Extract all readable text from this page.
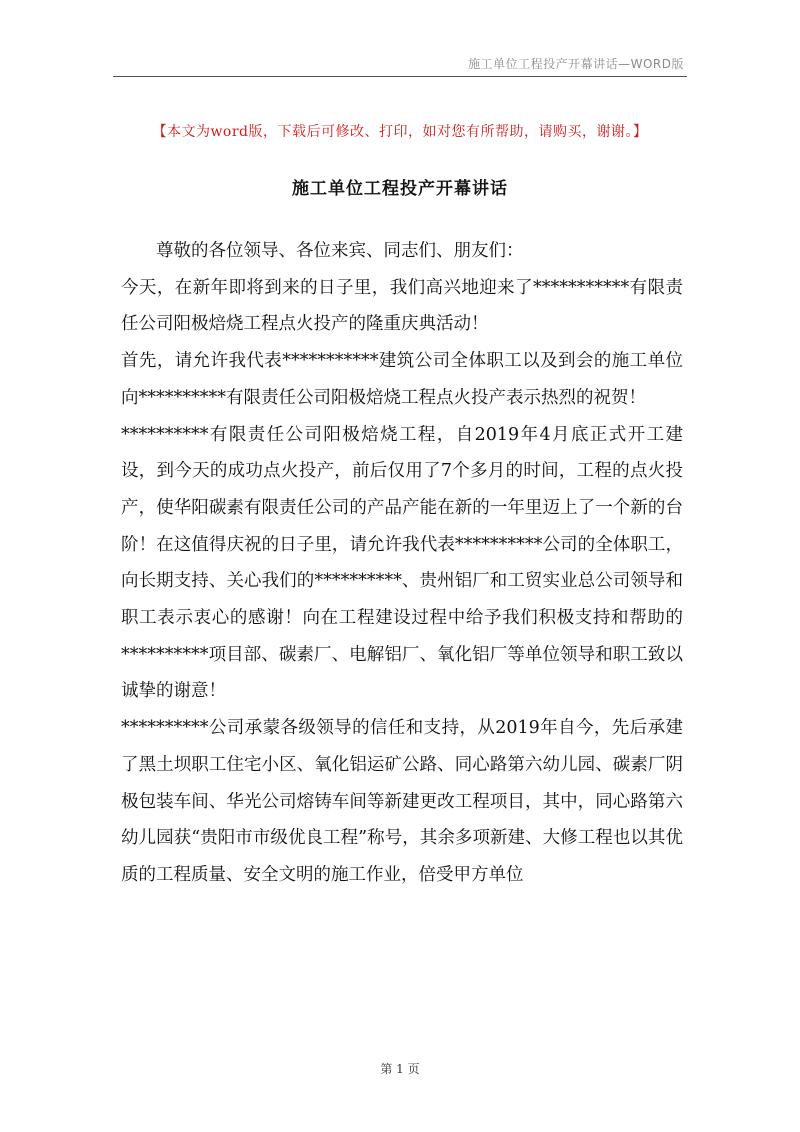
施工单位工程投产开幕讲话—WORD版
【本文为word版，下载后可修改、打印，如对您有所帮助，请购买，谢谢。】
施工单位工程投产开幕讲话

尊敬的各位领导、各位来宾、同志们、朋友们：

今天，在新年即将到来的日子里，我们高兴地迎来了***********有限责任公司阳极焙烧工程点火投产的隆重庆典活动！

首先，请允许我代表***********建筑公司全体职工以及到会的施工单位向**********有限责任公司阳极焙烧工程点火投产表示热烈的祝贺！

**********有限责任公司阳极焙烧工程，自2019年4月底正式开工建设，到今天的成功点火投产，前后仅用了7个多月的时间，工程的点火投产，使华阳碳素有限责任公司的产品产能在新的一年里迈上了一个新的台阶！在这值得庆祝的日子里，请允许我代表**********公司的全体职工，向长期支持、关心我们的**********、贵州铝厂和工贸实业总公司领导和职工表示衷心的感谢！向在工程建设过程中给予我们积极支持和帮助的**********项目部、碳素厂、电解铝厂、氧化铝厂等单位领导和职工致以诚挚的谢意！

**********公司承蒙各级领导的信任和支持，从2019年自今，先后承建了黑土坝职工住宅小区、氧化铝运矿公路、同心路第六幼儿园、碳素厂阴极包装车间、华光公司熔铸车间等新建更改工程项目，其中，同心路第六幼儿园获“贵阳市市级优良工程”称号，其余多项新建、大修工程也以其优质的工程质量、安全文明的施工作业，倍受甲方单位

第 1 页
